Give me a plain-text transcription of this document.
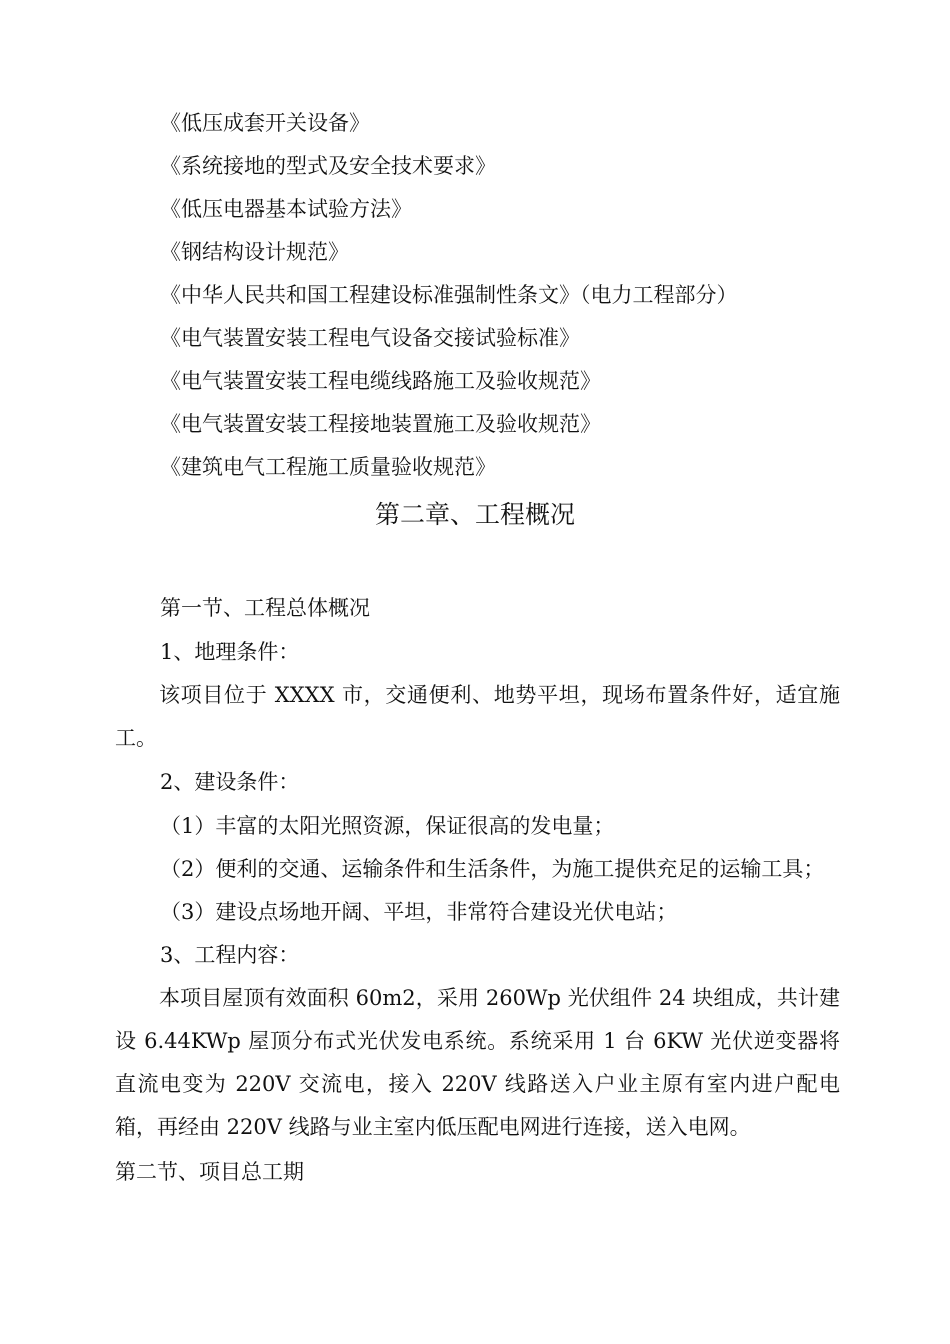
《低压成套开关设备》
《系统接地的型式及安全技术要求》
《低压电器基本试验方法》
《钢结构设计规范》
《中华人民共和国工程建设标准强制性条文》（电力工程部分）
《电气装置安装工程电气设备交接试验标准》
《电气装置安装工程电缆线路施工及验收规范》
《电气装置安装工程接地装置施工及验收规范》
《建筑电气工程施工质量验收规范》
第二章、工程概况
第一节、工程总体概况
1、地理条件：
该项目位于 XXXX 市，交通便利、地势平坦，现场布置条件好，适宜施工。
2、建设条件：
（1）丰富的太阳光照资源，保证很高的发电量；
（2）便利的交通、运输条件和生活条件，为施工提供充足的运输工具；
（3）建设点场地开阔、平坦，非常符合建设光伏电站；
3、工程内容：
本项目屋顶有效面积 60m2，采用 260Wp 光伏组件 24 块组成，共计建设 6.44KWp 屋顶分布式光伏发电系统。系统采用 1 台 6KW 光伏逆变器将直流电变为 220V 交流电，接入 220V 线路送入户业主原有室内进户配电箱，再经由 220V 线路与业主室内低压配电网进行连接，送入电网。
第二节、项目总工期
